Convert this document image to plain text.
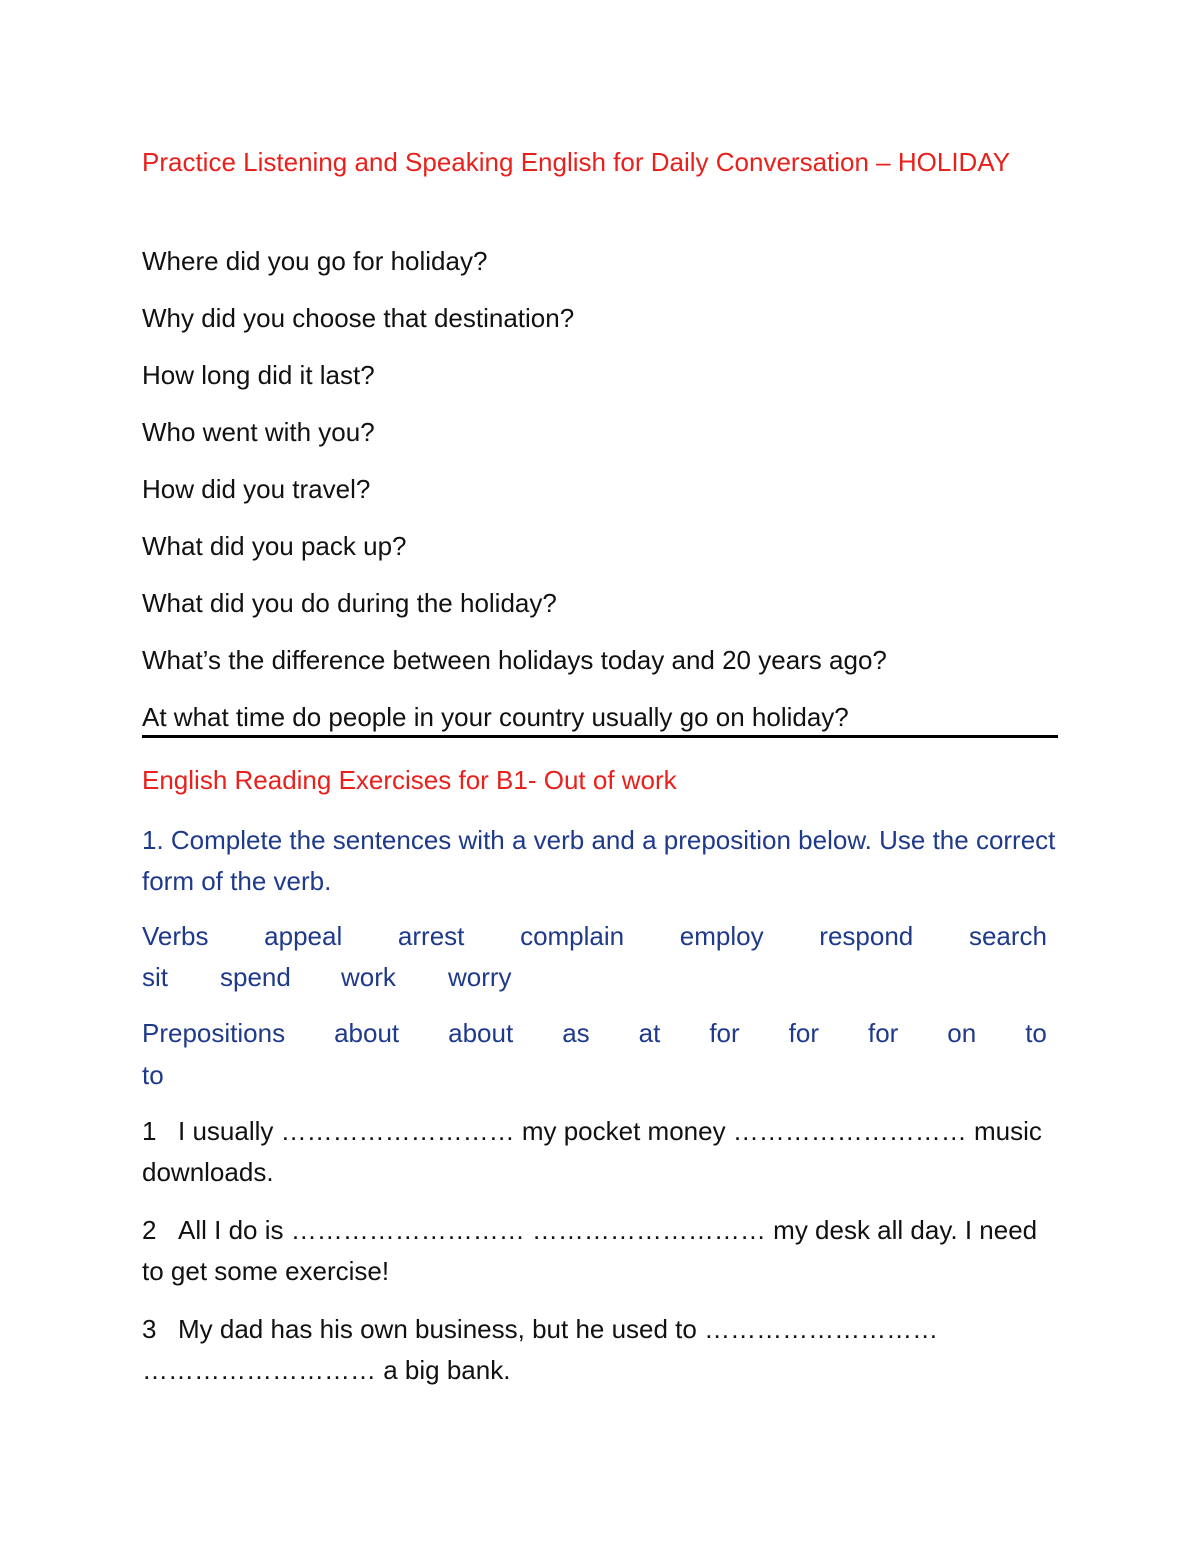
Practice Listening and Speaking English for Daily Conversation – HOLIDAY

Where did you go for holiday?

Why did you choose that destination?

How long did it last?

Who went with you?

How did you travel?

What did you pack up?

What did you do during the holiday?

What’s the difference between holidays today and 20 years ago?

At what time do people in your country usually go on holiday?

English Reading Exercises for B1- Out of work

1. Complete the sentences with a verb and a preposition below. Use the correct form of the verb.

Verbs appeal arrest complain employ respond search
sit	spend	work	worry
Prepositions about about as at for for for on to
to

1 I usually ……………………… my pocket money ……………………… music downloads.

2 All I do is ……………………… ……………………… my desk all day. I need to get some exercise!

3 My dad has his own business, but he used to ……………………… ……………………… a big bank.
